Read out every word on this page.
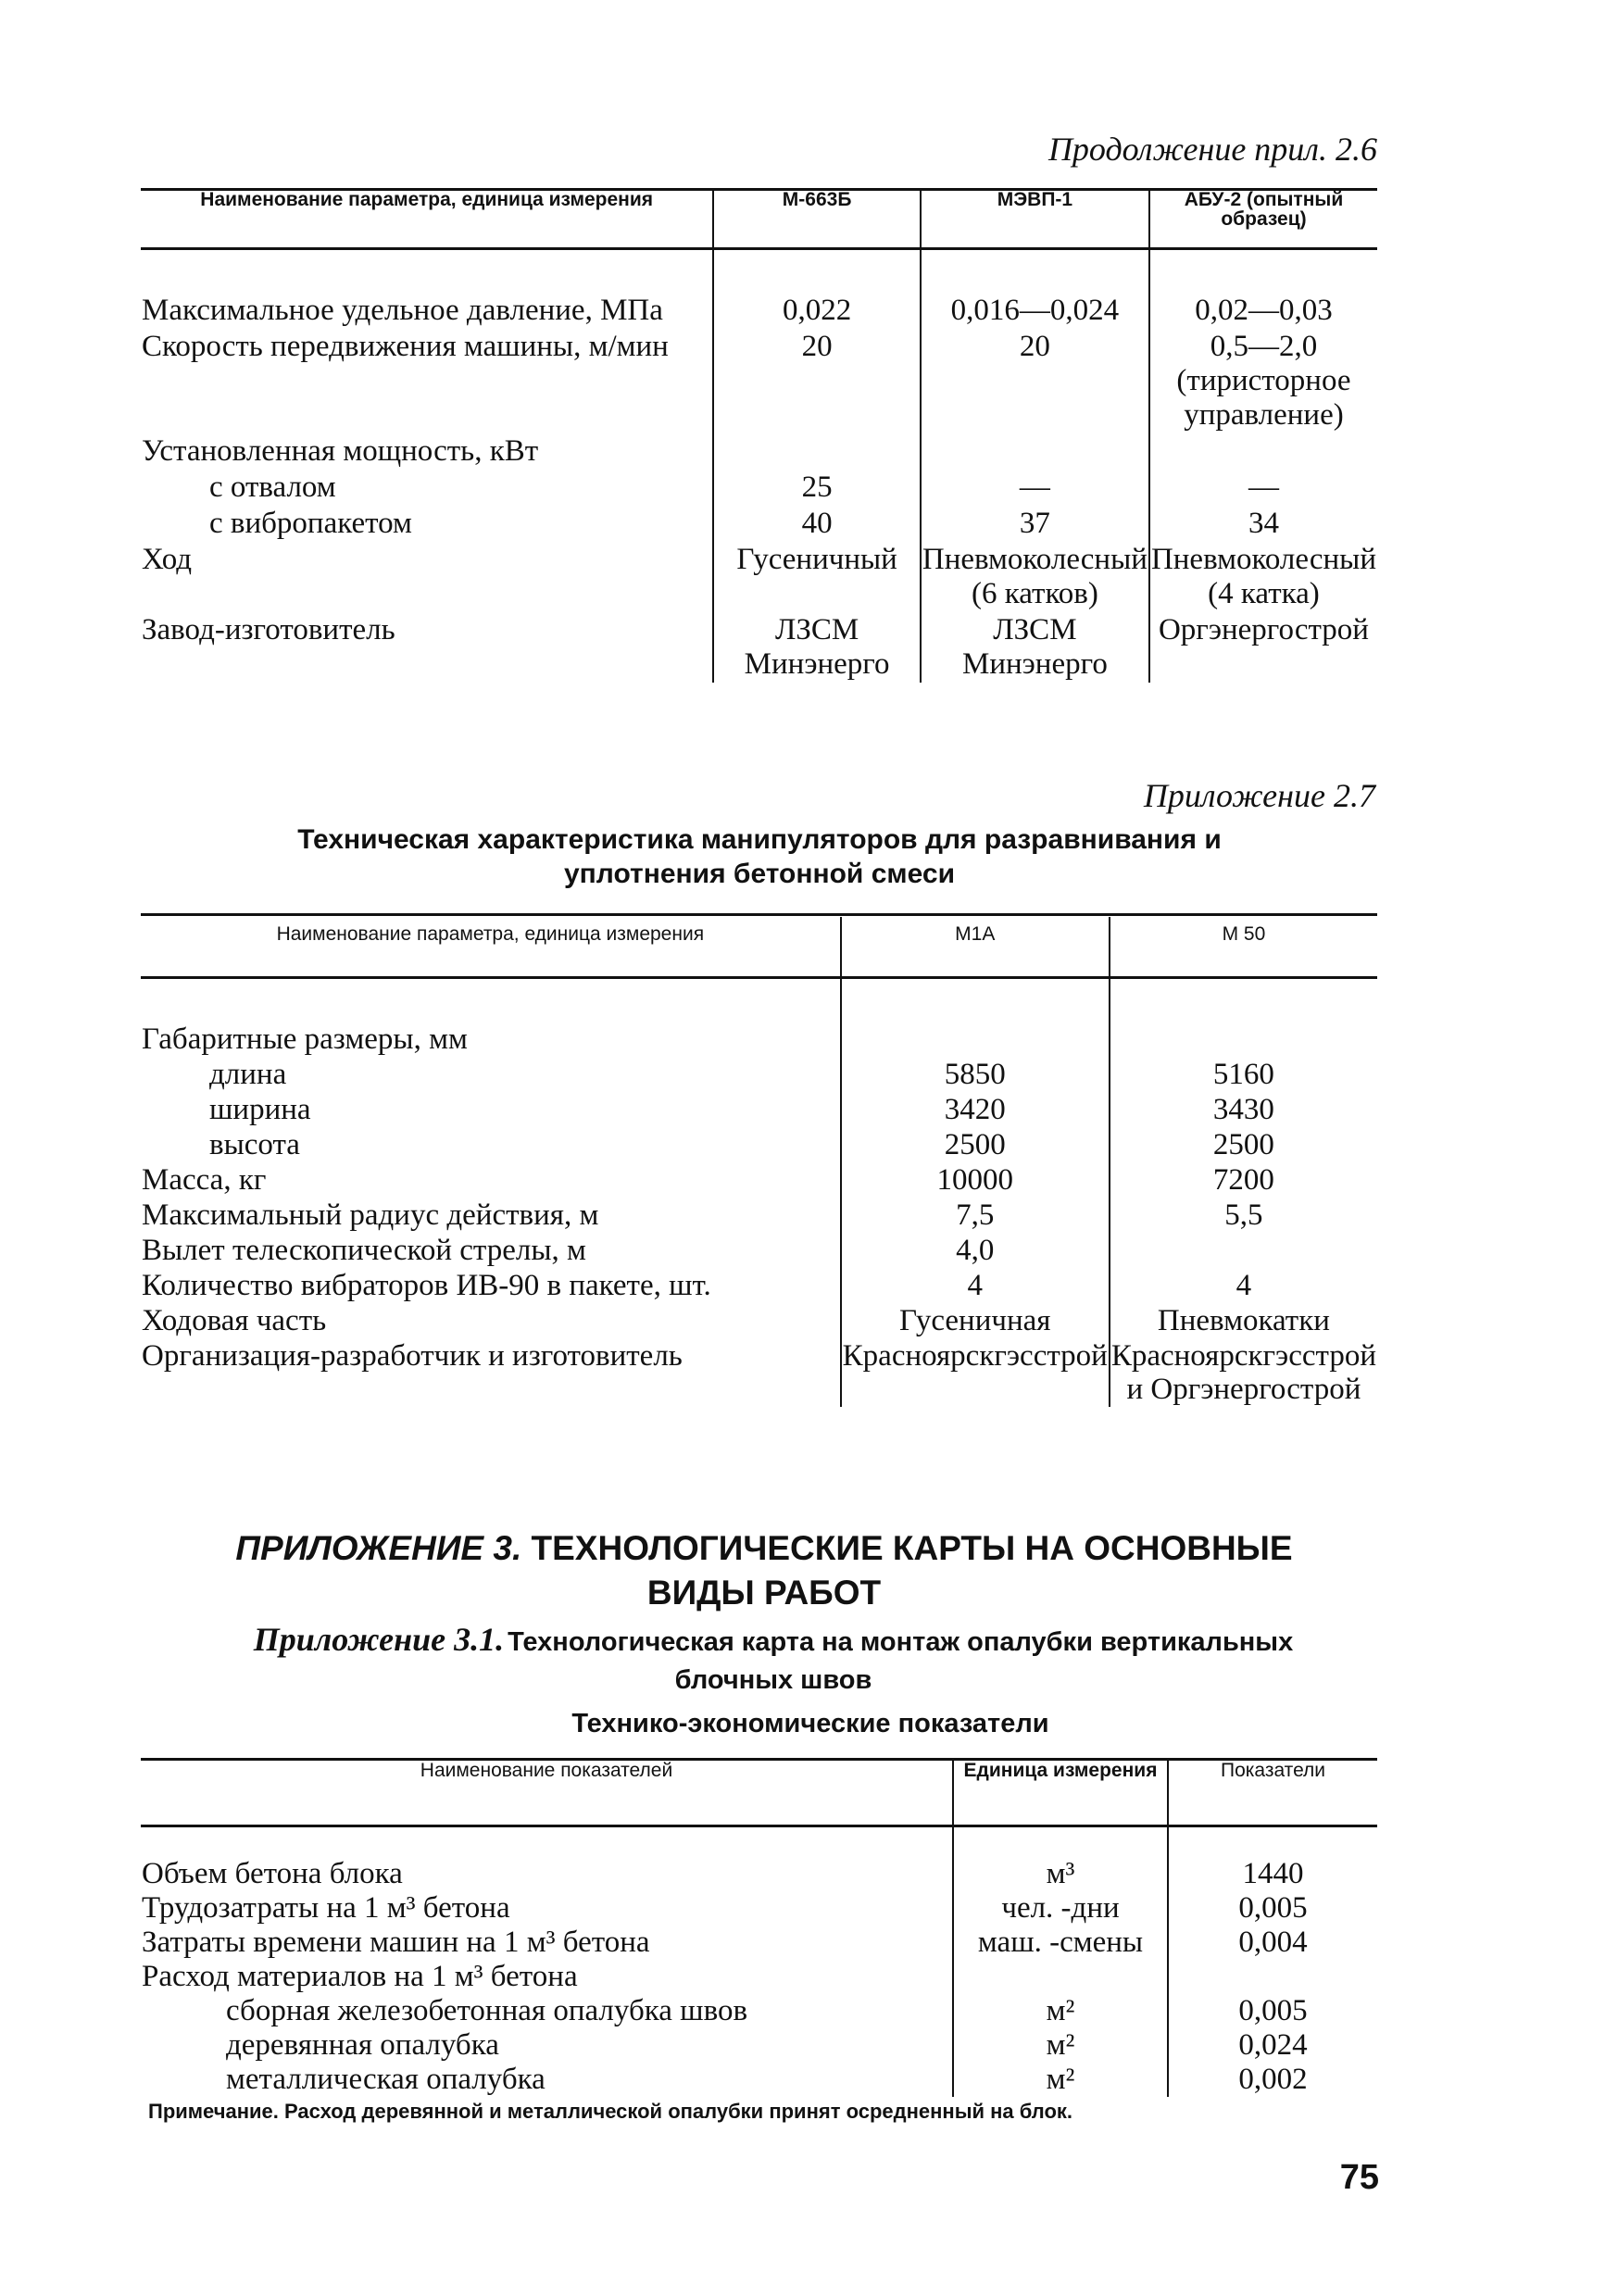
Продолжение прил. 2.6
Наименование параметра, единица измерения	М-663Б	МЭВП-1	АБУ-2 (опытный образец)

Максимальное удельное давление, МПа	0,022	0,016—0,024	0,02—0,03
Скорость передвижения машины, м/мин	20	20	0,5—2,0 (тиристорное управление)
Установленная мощность, кВт			
с отвалом	25	—	—
с вибропакетом	40	37	34
Ход	Гусеничный	Пневмоколесный (6 катков)	Пневмоколесный (4 катка)
Завод-изготовитель	ЛЗСМ Минэнерго	ЛЗСМ Минэнерго	Оргэнергострой
Приложение 2.7
Техническая характеристика манипуляторов для разравнивания и уплотнения бетонной смеси
Наименование параметра, единица измерения	М1А	М 50

Габаритные размеры, мм		
длина	5850	5160
ширина	3420	3430
высота	2500	2500
Масса, кг	10000	7200
Максимальный радиус действия, м	7,5	5,5
Вылет телескопической стрелы, м	4,0	
Количество вибраторов ИВ-90 в пакете, шт.	4	4
Ходовая часть	Гусеничная	Пневмокатки
Организация-разработчик и изготовитель	Красноярскгэсстрой	Красноярскгэсстрой и Оргэнергострой
ПРИЛОЖЕНИЕ 3. ТЕХНОЛОГИЧЕСКИЕ КАРТЫ НА ОСНОВНЫЕ ВИДЫ РАБОТ
Приложение 3.1. Технологическая карта на монтаж опалубки вертикальных блочных швов
Технико-экономические показатели
Наименование показателей	Единица измерения	Показатели

Объем бетона блока	м³	1440
Трудозатраты на 1 м³ бетона	чел. -дни	0,005
Затраты времени машин на 1 м³ бетона	маш. -смены	0,004
Расход материалов на 1 м³ бетона		
сборная железобетонная опалубка швов	м²	0,005
деревянная опалубка	м²	0,024
металлическая опалубка	м²	0,002
Примечание. Расход деревянной и металлической опалубки принят осредненный на блок.
75
